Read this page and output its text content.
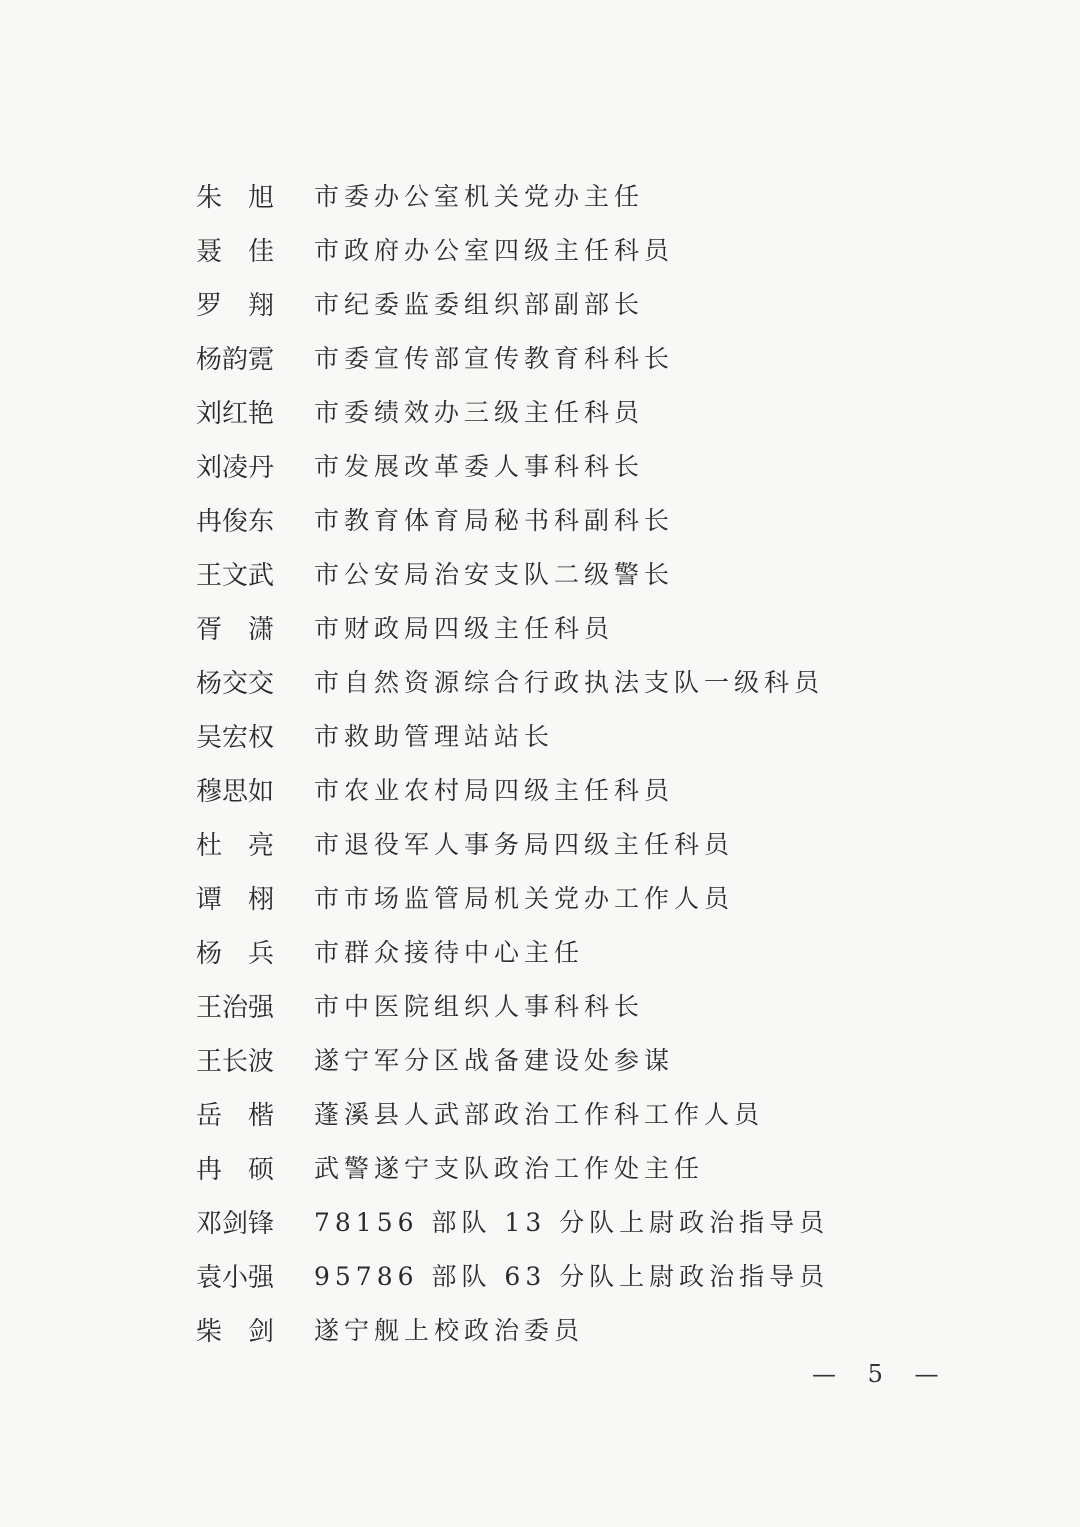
朱　旭	市委办公室机关党办主任
聂　佳	市政府办公室四级主任科员
罗　翔	市纪委监委组织部副部长
杨韵霓	市委宣传部宣传教育科科长
刘红艳	市委绩效办三级主任科员
刘凌丹	市发展改革委人事科科长
冉俊东	市教育体育局秘书科副科长
王文武	市公安局治安支队二级警长
胥　潇	市财政局四级主任科员
杨交交	市自然资源综合行政执法支队一级科员
吴宏权	市救助管理站站长
穆思如	市农业农村局四级主任科员
杜　亮	市退役军人事务局四级主任科员
谭　栩	市市场监管局机关党办工作人员
杨　兵	市群众接待中心主任
王治强	市中医院组织人事科科长
王长波	遂宁军分区战备建设处参谋
岳　楷	蓬溪县人武部政治工作科工作人员
冉　硕	武警遂宁支队政治工作处主任
邓剑锋	78156 部队 13 分队上尉政治指导员
袁小强	95786 部队 63 分队上尉政治指导员
柴　剑	遂宁舰上校政治委员
— 5 —
